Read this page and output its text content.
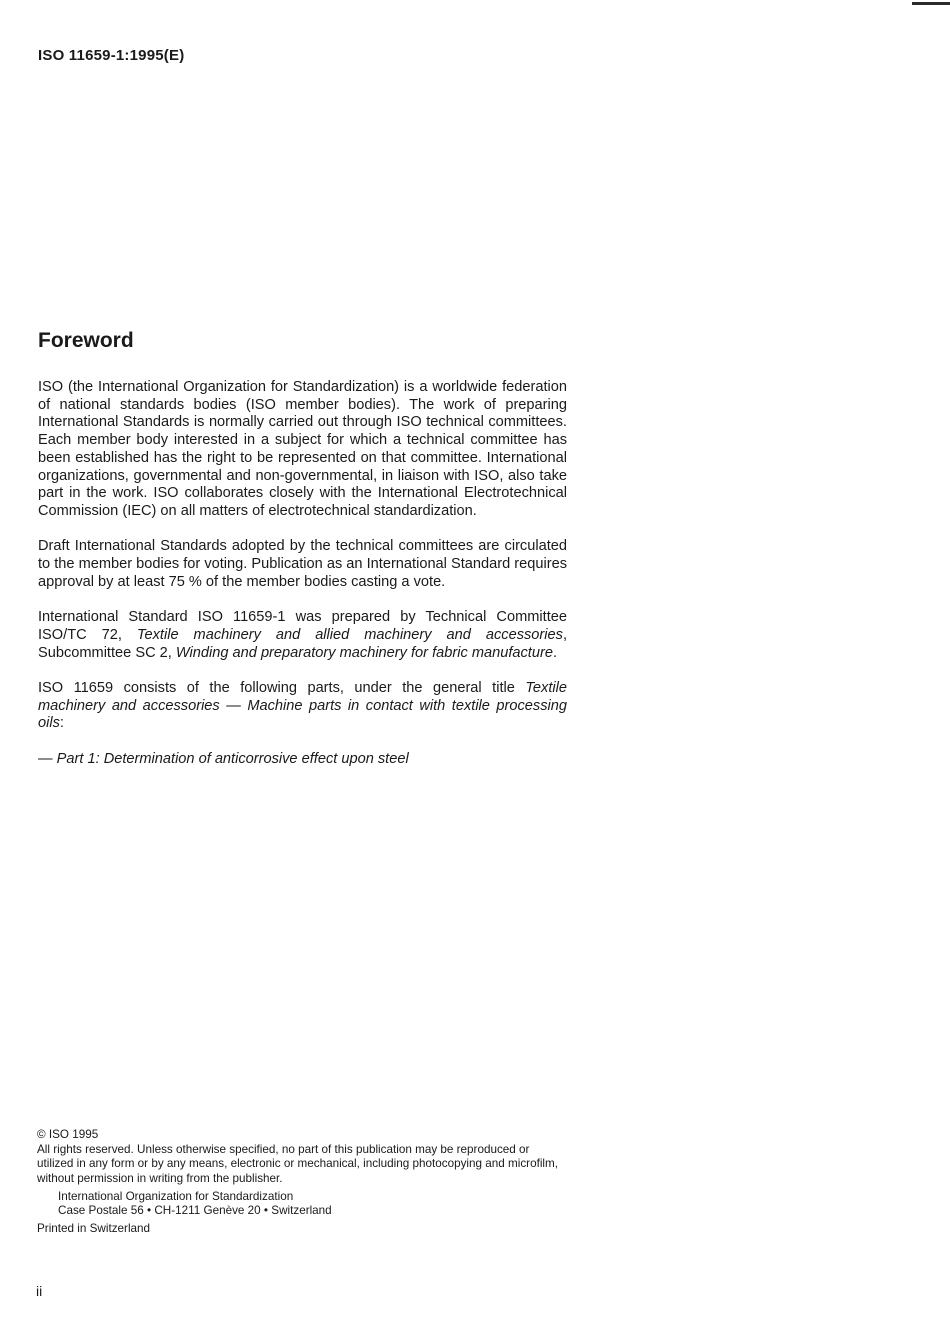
ISO 11659-1:1995(E)
Foreword

ISO (the International Organization for Standardization) is a worldwide federation of national standards bodies (ISO member bodies). The work of preparing International Standards is normally carried out through ISO technical committees. Each member body interested in a subject for which a technical committee has been established has the right to be represented on that committee. International organizations, governmental and non-governmental, in liaison with ISO, also take part in the work. ISO collaborates closely with the International Electrotechnical Commission (IEC) on all matters of electrotechnical standardization.

Draft International Standards adopted by the technical committees are circulated to the member bodies for voting. Publication as an International Standard requires approval by at least 75 % of the member bodies casting a vote.

International Standard ISO 11659-1 was prepared by Technical Committee ISO/TC 72, Textile machinery and allied machinery and accessories, Subcommittee SC 2, Winding and preparatory machinery for fabric manufacture.

ISO 11659 consists of the following parts, under the general title Textile machinery and accessories — Machine parts in contact with textile processing oils:

— Part 1: Determination of anticorrosive effect upon steel

© ISO 1995
All rights reserved. Unless otherwise specified, no part of this publication may be reproduced or utilized in any form or by any means, electronic or mechanical, including photocopying and microfilm, without permission in writing from the publisher.
International Organization for Standardization
Case Postale 56 • CH-1211 Genève 20 • Switzerland
Printed in Switzerland
ii
